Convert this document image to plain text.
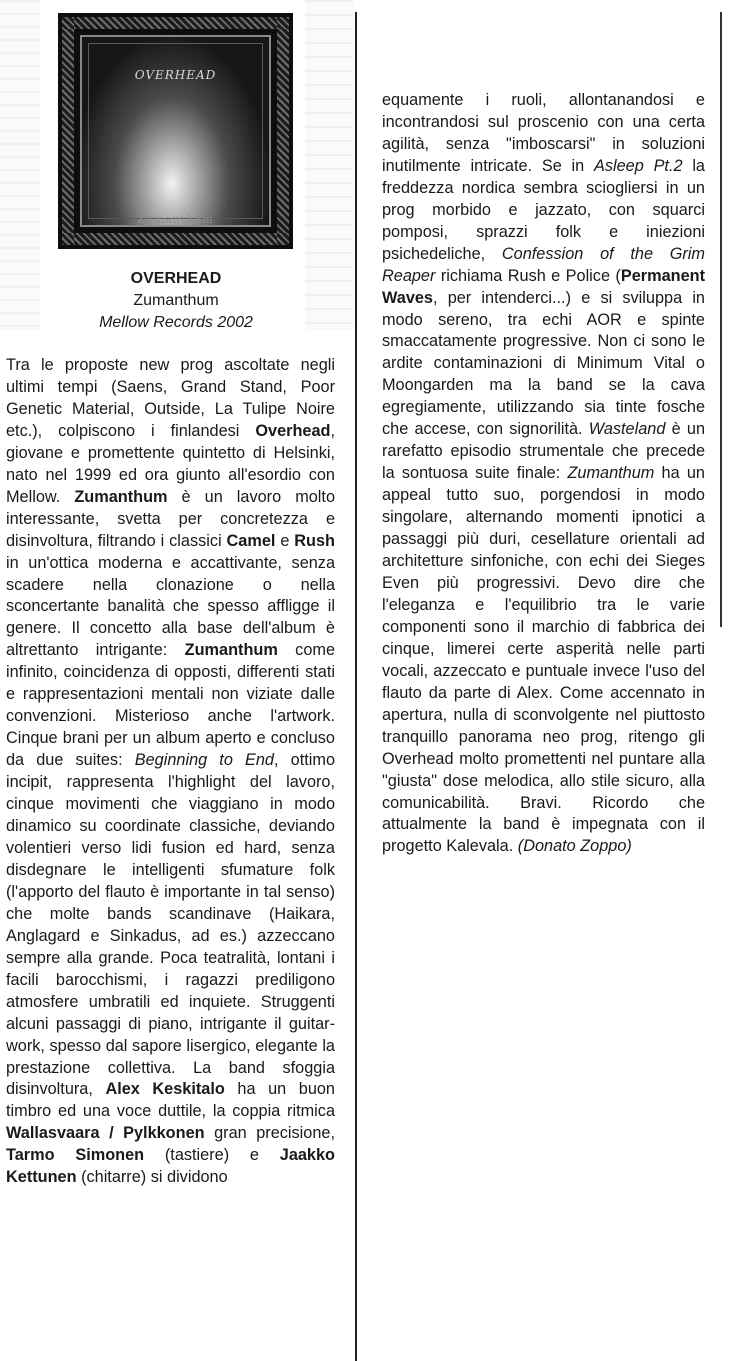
OVERHEAD
Zumanthum
OVERHEAD
Zumanthum
Mellow Records 2002

Tra le proposte new prog ascoltate negli ultimi tempi (Saens, Grand Stand, Poor Genetic Material, Outside, La Tulipe Noire etc.), colpiscono i finlandesi Overhead, giovane e promettente quintetto di Helsinki, nato nel 1999 ed ora giunto all'esordio con Mellow. Zumanthum è un lavoro molto interessante, svetta per concretezza e disinvoltura, filtrando i classici Camel e Rush in un'ottica moderna e accattivante, senza scadere nella clonazione o nella sconcertante banalità che spesso affligge il genere. Il concetto alla base dell'album è altrettanto intrigante: Zumanthum come infinito, coincidenza di opposti, differenti stati e rappresentazioni mentali non viziate dalle convenzioni. Misterioso anche l'artwork. Cinque brani per un album aperto e concluso da due suites: Beginning to End, ottimo incipit, rappresenta l'highlight del lavoro, cinque movimenti che viaggiano in modo dinamico su coordinate classiche, deviando volentieri verso lidi fusion ed hard, senza disdegnare le intelligenti sfumature folk (l'apporto del flauto è importante in tal senso) che molte bands scandinave (Haikara, Anglagard e Sinkadus, ad es.) azzeccano sempre alla grande. Poca teatralità, lontani i facili barocchismi, i ragazzi prediligono atmosfere umbratili ed inquiete. Struggenti alcuni passaggi di piano, intrigante il guitar-work, spesso dal sapore lisergico, elegante la prestazione collettiva. La band sfoggia disinvoltura, Alex Keskitalo ha un buon timbro ed una voce duttile, la coppia ritmica Wallasvaara / Pylkkonen gran precisione, Tarmo Simonen (tastiere) e Jaakko Kettunen (chitarre) si dividono

equamente i ruoli, allontanandosi e incontrandosi sul proscenio con una certa agilità, senza "imboscarsi" in soluzioni inutilmente intricate. Se in Asleep Pt.2 la freddezza nordica sembra sciogliersi in un prog morbido e jazzato, con squarci pomposi, sprazzi folk e iniezioni psichedeliche, Confession of the Grim Reaper richiama Rush e Police (Permanent Waves, per intenderci...) e si sviluppa in modo sereno, tra echi AOR e spinte smaccatamente progressive. Non ci sono le ardite contaminazioni di Minimum Vital o Moongarden ma la band se la cava egregiamente, utilizzando sia tinte fosche che accese, con signorilità. Wasteland è un rarefatto episodio strumentale che precede la sontuosa suite finale: Zumanthum ha un appeal tutto suo, porgendosi in modo singolare, alternando momenti ipnotici a passaggi più duri, cesellature orientali ad architetture sinfoniche, con echi dei Sieges Even più progressivi. Devo dire che l'eleganza e l'equilibrio tra le varie componenti sono il marchio di fabbrica dei cinque, limerei certe asperità nelle parti vocali, azzeccato e puntuale invece l'uso del flauto da parte di Alex. Come accennato in apertura, nulla di sconvolgente nel piuttosto tranquillo panorama neo prog, ritengo gli Overhead molto promettenti nel puntare alla "giusta" dose melodica, allo stile sicuro, alla comunicabilità. Bravi. Ricordo che attualmente la band è impegnata con il progetto Kalevala. (Donato Zoppo)
